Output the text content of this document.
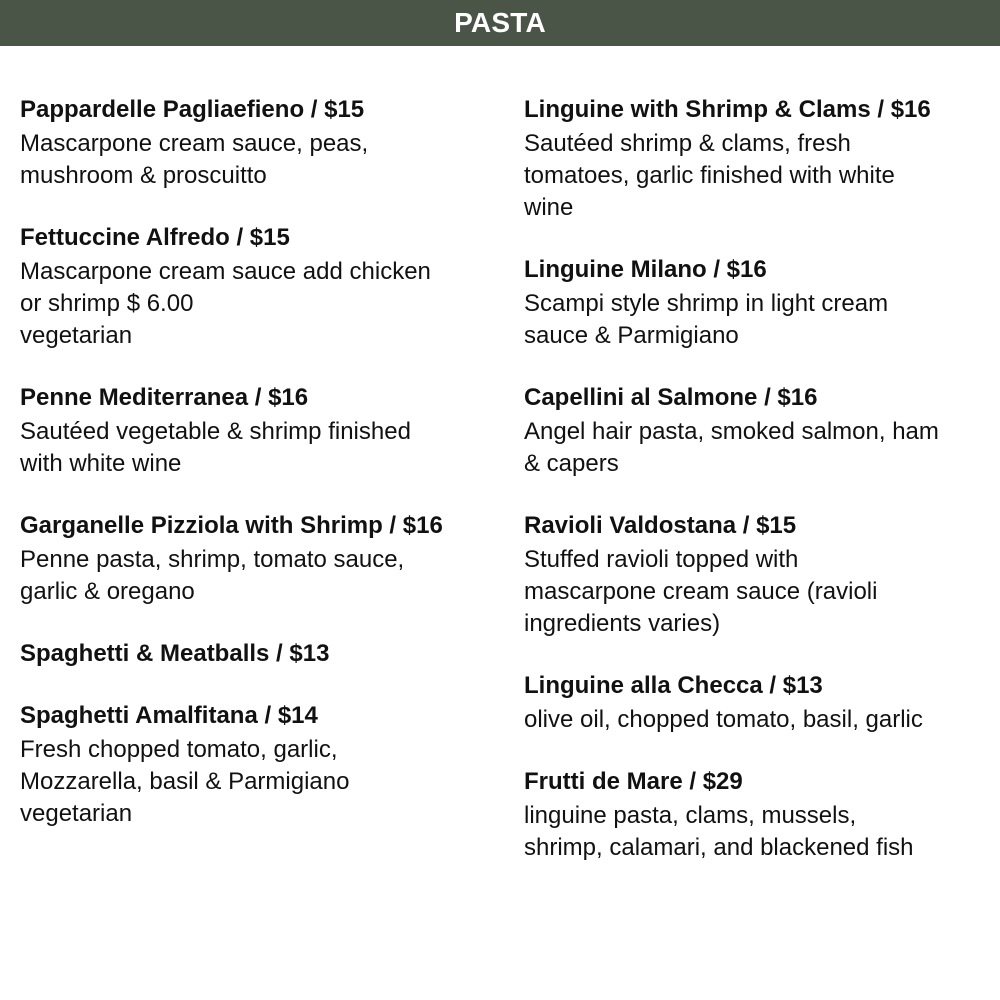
PASTA
Pappardelle Pagliaefieno / $15
Mascarpone cream sauce, peas,
mushroom & proscuitto
Fettuccine Alfredo / $15
Mascarpone cream sauce add chicken
or shrimp $ 6.00
vegetarian
Penne Mediterranea / $16
Sautéed vegetable & shrimp finished
with white wine
Garganelle Pizziola with Shrimp / $16
Penne pasta, shrimp, tomato sauce,
garlic & oregano
Spaghetti & Meatballs / $13
Spaghetti Amalfitana / $14
Fresh chopped tomato, garlic,
Mozzarella, basil & Parmigiano
vegetarian
Linguine with Shrimp & Clams / $16
Sautéed shrimp & clams, fresh
tomatoes, garlic finished with white
wine
Linguine Milano / $16
Scampi style shrimp in light cream
sauce & Parmigiano
Capellini al Salmone / $16
Angel hair pasta, smoked salmon, ham
& capers
Ravioli Valdostana / $15
Stuffed ravioli topped with
mascarpone cream sauce (ravioli
ingredients varies)
Linguine alla Checca / $13
olive oil, chopped tomato, basil, garlic
Frutti de Mare / $29
linguine pasta, clams, mussels,
shrimp, calamari, and blackened fish
